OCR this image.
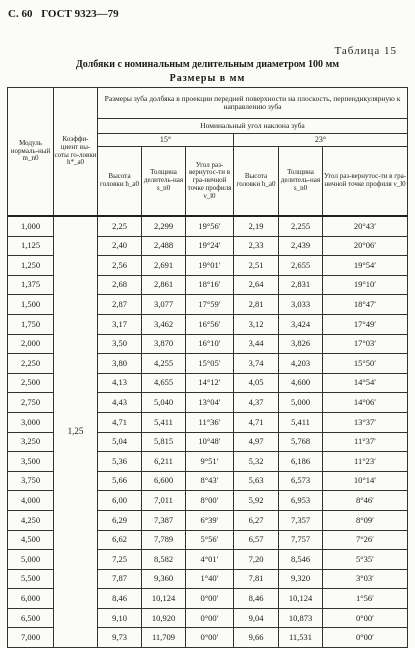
С. 60 ГОСТ 9323—79
Таблица 15
Долбяки с номинальным делительным диаметром 100 мм
Размеры в мм
Модуль нормаль-ный m_n0	Коэффи-циент вы-соты го-ловки h*_a0	Размеры зуба долбяка в проекции передней поверхности на плоскость, перпендикулярную к направлению зуба					
		Номинальный угол наклона зуба					
		15°			23°		
		Высота головки h_a0	Толщина делитель-ная s_n0	Угол раз-вернутос-ти в гра-ничной точке профиля ν_l0	Высота головки h_a0	Толщина делитель-ная s_n0	Угол раз-вернутос-ти в гра-ничной точке профиля ν_l0
1,000	1,25	2,25	2,299	19°56′	2,19	2,255	20°43′
1,125		2,40	2,488	19°24′	2,33	2,439	20°06′
1,250		2,56	2,691	19°01′	2,51	2,655	19°54′
1,375		2,68	2,861	18°16′	2,64	2,831	19°10′
1,500		2,87	3,077	17°59′	2,81	3,033	18°47′
1,750		3,17	3,462	16°56′	3,12	3,424	17°49′
2,000		3,50	3,870	16°10′	3,44	3,826	17°03′
2,250		3,80	4,255	15°05′	3,74	4,203	15°50′
2,500		4,13	4,655	14°12′	4,05	4,600	14°54′
2,750		4,43	5,040	13°04′	4,37	5,000	14°06′
3,000		4,71	5,411	11°36′	4,71	5,411	13°37′
3,250		5,04	5,815	10°48′	4,97	5,768	11°37′
3,500		5,36	6,211	9°51′	5,32	6,186	11°23′
3,750		5,66	6,600	8°43′	5,63	6,573	10°14′
4,000		6,00	7,011	8°00′	5,92	6,953	8°46′
4,250		6,29	7,387	6°39′	6,27	7,357	8°09′
4,500		6,62	7,789	5°56′	6,57	7,757	7°26′
5,000		7,25	8,582	4°01′	7,20	8,546	5°35′
5,500		7,87	9,360	1°40′	7,81	9,320	3°03′
6,000		8,46	10,124	0°00′	8,46	10,124	1°56′
6,500		9,10	10,920	0°00′	9,04	10,873	0°00′
7,000		9,73	11,709	0°00′	9,66	11,531	0°00′
